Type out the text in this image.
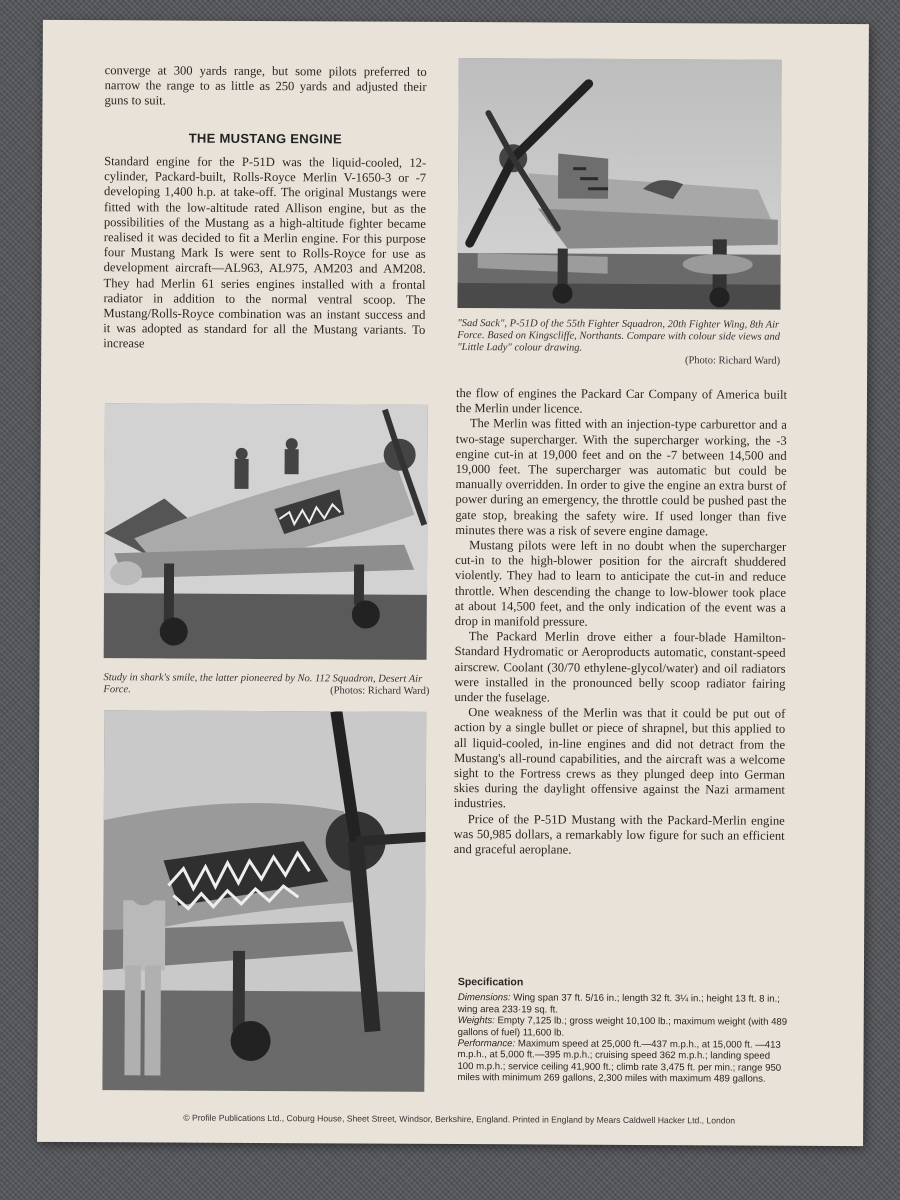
converge at 300 yards range, but some pilots preferred to narrow the range to as little as 250 yards and adjusted their guns to suit.

THE MUSTANG ENGINE

Standard engine for the P-51D was the liquid-cooled, 12-cylinder, Packard-built, Rolls-Royce Merlin V-1650-3 or -7 developing 1,400 h.p. at take-off. The original Mustangs were fitted with the low-altitude rated Allison engine, but as the possibilities of the Mustang as a high-altitude fighter became realised it was decided to fit a Merlin engine. For this purpose four Mustang Mark Is were sent to Rolls-Royce for use as development aircraft—AL963, AL975, AM203 and AM208. They had Merlin 61 series engines installed with a frontal radiator in addition to the normal ventral scoop. The Mustang/Rolls-Royce combination was an instant success and it was adopted as standard for all the Mustang variants. To increase

"Sad Sack", P-51D of the 55th Fighter Squadron, 20th Fighter Wing, 8th Air Force. Based on Kingscliffe, Northants. Compare with colour side views and "Little Lady" colour drawing.
(Photo: Richard Ward)

the flow of engines the Packard Car Company of America built the Merlin under licence.

The Merlin was fitted with an injection-type carburettor and a two-stage supercharger. With the supercharger working, the -3 engine cut-in at 19,000 feet and on the -7 between 14,500 and 19,000 feet. The supercharger was automatic but could be manually overridden. In order to give the engine an extra burst of power during an emergency, the throttle could be pushed past the gate stop, breaking the safety wire. If used longer than five minutes there was a risk of severe engine damage.

Mustang pilots were left in no doubt when the supercharger cut-in to the high-blower position for the aircraft shuddered violently. They had to learn to anticipate the cut-in and reduce throttle. When descending the change to low-blower took place at about 14,500 feet, and the only indication of the event was a drop in manifold pressure.

The Packard Merlin drove either a four-blade Hamilton-Standard Hydromatic or Aeroproducts automatic, constant-speed airscrew. Coolant (30/70 ethylene-glycol/water) and oil radiators were installed in the pronounced belly scoop radiator fairing under the fuselage.

One weakness of the Merlin was that it could be put out of action by a single bullet or piece of shrapnel, but this applied to all liquid-cooled, in-line engines and did not detract from the Mustang's all-round capabilities, and the aircraft was a welcome sight to the Fortress crews as they plunged deep into German skies during the daylight offensive against the Nazi armament industries.

Price of the P-51D Mustang with the Packard-Merlin engine was 50,985 dollars, a remarkably low figure for such an efficient and graceful aeroplane.

Study in shark's smile, the latter pioneered by No. 112 Squadron, Desert Air Force.	(Photos: Richard Ward)
Specification
Dimensions: Wing span 37 ft. 5/16 in.; length 32 ft. 3¼ in.; height 13 ft. 8 in.; wing area 233·19 sq. ft.
Weights: Empty 7,125 lb.; gross weight 10,100 lb.; maximum weight (with 489 gallons of fuel) 11,600 lb.
Performance: Maximum speed at 25,000 ft.—437 m.p.h., at 15,000 ft. —413 m.p.h., at 5,000 ft.—395 m.p.h.; cruising speed 362 m.p.h.; landing speed 100 m.p.h.; service ceiling 41,900 ft.; climb rate 3,475 ft. per min.; range 950 miles with minimum 269 gallons, 2,300 miles with maximum 489 gallons.
© Profile Publications Ltd., Coburg House, Sheet Street, Windsor, Berkshire, England. Printed in England by Mears Caldwell Hacker Ltd., London
